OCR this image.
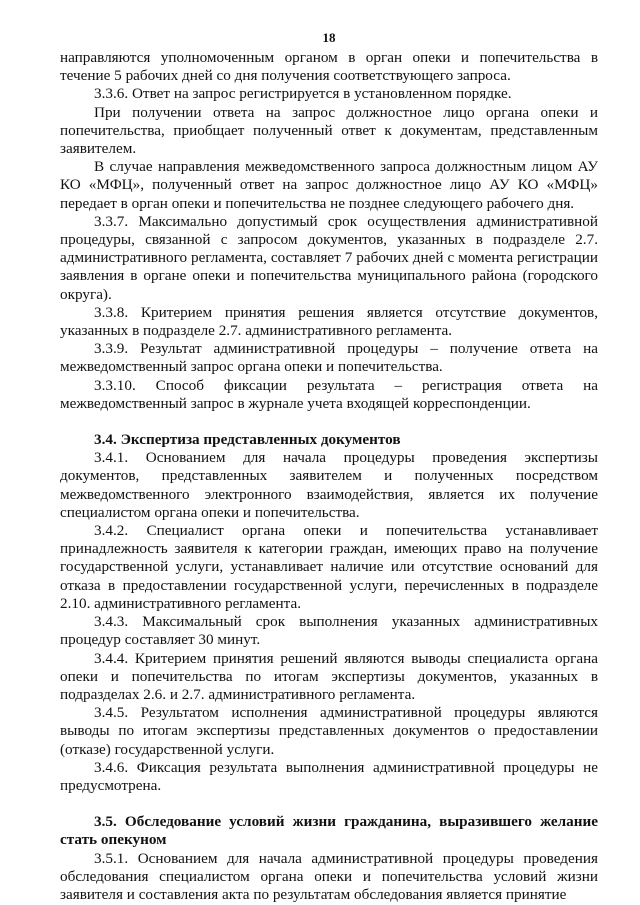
18

направляются уполномоченным органом в орган опеки и попечительства в течение 5 рабочих дней со дня получения соответствующего запроса.

3.3.6. Ответ на запрос регистрируется в установленном порядке.

При получении ответа на запрос должностное лицо органа опеки и попечительства, приобщает полученный ответ к документам, представленным заявителем.

В случае направления межведомственного запроса должностным лицом АУ КО «МФЦ», полученный ответ на запрос должностное лицо АУ КО «МФЦ» передает в орган опеки и попечительства не позднее следующего рабочего дня.

3.3.7. Максимально допустимый срок осуществления административной процедуры, связанной с запросом документов, указанных в подразделе 2.7. административного регламента, составляет 7 рабочих дней с момента регистрации заявления в органе опеки и попечительства муниципального района (городского округа).

3.3.8. Критерием принятия решения является отсутствие документов, указанных в подразделе 2.7. административного регламента.

3.3.9. Результат административной процедуры – получение ответа на межведомственный запрос органа опеки и попечительства.

3.3.10. Способ фиксации результата – регистрация ответа на межведомственный запрос в журнале учета входящей корреспонденции.

3.4. Экспертиза представленных документов

3.4.1. Основанием для начала процедуры проведения экспертизы документов, представленных заявителем и полученных посредством межведомственного электронного взаимодействия, является их получение специалистом органа опеки и попечительства.

3.4.2. Специалист органа опеки и попечительства устанавливает принадлежность заявителя к категории граждан, имеющих право на получение государственной услуги, устанавливает наличие или отсутствие оснований для отказа в предоставлении государственной услуги, перечисленных в подразделе 2.10. административного регламента.

3.4.3. Максимальный срок выполнения указанных административных процедур составляет 30 минут.

3.4.4. Критерием принятия решений являются выводы специалиста органа опеки и попечительства по итогам экспертизы документов, указанных в подразделах 2.6. и 2.7. административного регламента.

3.4.5. Результатом исполнения административной процедуры являются выводы по итогам экспертизы представленных документов о предоставлении (отказе) государственной услуги.

3.4.6. Фиксация результата выполнения административной процедуры не предусмотрена.

3.5. Обследование условий жизни гражданина, выразившего желание стать опекуном

3.5.1. Основанием для начала административной процедуры проведения обследования специалистом органа опеки и попечительства условий жизни заявителя и составления акта по результатам обследования является принятие
